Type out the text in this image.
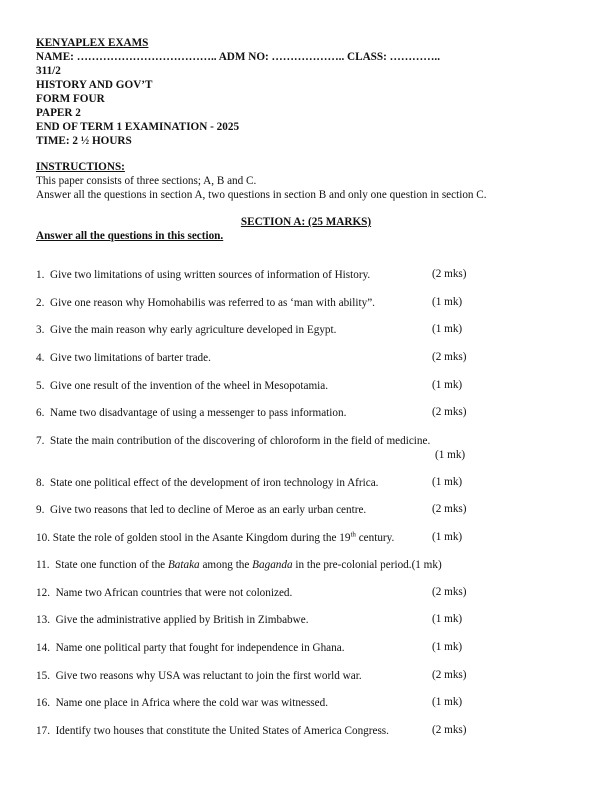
KENYAPLEX EXAMS
NAME: ……………………………….. ADM NO: ……………….. CLASS: …………..
311/2
HISTORY AND GOV’T
FORM FOUR
PAPER 2
END OF TERM 1 EXAMINATION - 2025
TIME: 2 ½ HOURS
INSTRUCTIONS:
This paper consists of three sections; A, B and C.
Answer all the questions in section A, two questions in section B and only one question in section C.
SECTION A: (25 MARKS)
Answer all the questions in this section.
1. Give two limitations of using written sources of information of History.	(2 mks)
2. Give one reason why Homohabilis was referred to as ‘man with ability”.	(1 mk)
3. Give the main reason why early agriculture developed in Egypt.	(1 mk)
4. Give two limitations of barter trade.	(2 mks)
5. Give one result of the invention of the wheel in Mesopotamia.	(1 mk)
6. Name two disadvantage of using a messenger to pass information.	(2 mks)
7. State the main contribution of the discovering of chloroform in the field of medicine.
(1 mk)
8. State one political effect of the development of iron technology in Africa.	(1 mk)
9. Give two reasons that led to decline of Meroe as an early urban centre.	(2 mks)
10. State the role of golden stool in the Asante Kingdom during the 19th century.	(1 mk)
11. State one function of the Bataka among the Baganda in the pre-colonial period.(1 mk)
12. Name two African countries that were not colonized.	(2 mks)
13. Give the administrative applied by British in Zimbabwe.	(1 mk)
14. Name one political party that fought for independence in Ghana.	(1 mk)
15. Give two reasons why USA was reluctant to join the first world war.	(2 mks)
16. Name one place in Africa where the cold war was witnessed.	(1 mk)
17. Identify two houses that constitute the United States of America Congress.	(2 mks)
